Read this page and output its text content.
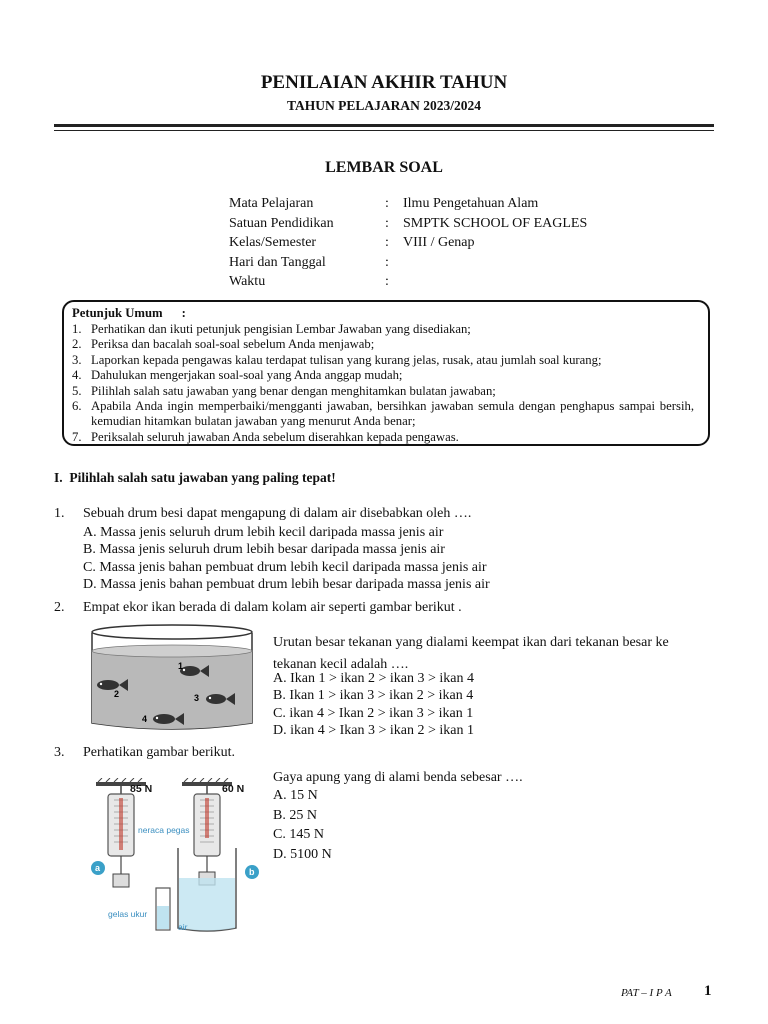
PENILAIAN AKHIR TAHUN
TAHUN PELAJARAN 2023/2024
LEMBAR SOAL
Mata Pelajaran	:	Ilmu Pengetahuan Alam
Satuan Pendidikan	:	SMPTK SCHOOL OF EAGLES
Kelas/Semester	:	VIII / Genap
Hari dan Tanggal	:
Waktu	:
Petunjuk Umum      :
1. Perhatikan dan ikuti petunjuk pengisian Lembar Jawaban yang disediakan;
2. Periksa dan bacalah soal-soal sebelum Anda menjawab;
3. Laporkan kepada pengawas kalau terdapat tulisan yang kurang jelas, rusak, atau jumlah soal kurang;
4. Dahulukan mengerjakan soal-soal yang Anda anggap mudah;
5. Pilihlah salah satu jawaban yang benar dengan menghitamkan bulatan jawaban;
6. Apabila Anda ingin memperbaiki/mengganti jawaban, bersihkan jawaban semula dengan penghapus sampai bersih, kemudian hitamkan bulatan jawaban yang menurut Anda benar;
7. Periksalah seluruh jawaban Anda sebelum diserahkan kepada pengawas.
I.  Pilihlah salah satu jawaban yang paling tepat!
1. Sebuah drum besi dapat mengapung di dalam air disebabkan oleh ….
A. Massa jenis seluruh drum lebih kecil daripada massa jenis air
B. Massa jenis seluruh drum lebih besar daripada massa jenis air
C. Massa jenis bahan pembuat drum lebih kecil daripada massa jenis air
D. Massa jenis bahan pembuat drum lebih besar daripada massa jenis air
2. Empat ekor ikan berada di dalam kolam air seperti gambar berikut .
1
2	3
4
Urutan besar tekanan yang dialami keempat ikan dari tekanan besar ke
tekanan kecil adalah ….
A. Ikan 1 > ikan 2 > ikan 3 > ikan 4
B. Ikan 1 > ikan 3 > ikan 2 > ikan 4
C. ikan 4 > Ikan 2 > ikan 3 > ikan 1
D. ikan 4 > Ikan 3 > ikan 2 > ikan 1
3. Perhatikan gambar berikut.
85 N	60 N
neraca pegas
a	b
gelas ukur
air
Gaya apung yang di alami benda sebesar ….
A. 15 N
B. 25 N
C. 145 N
D. 5100 N
PAT – I P A 1
